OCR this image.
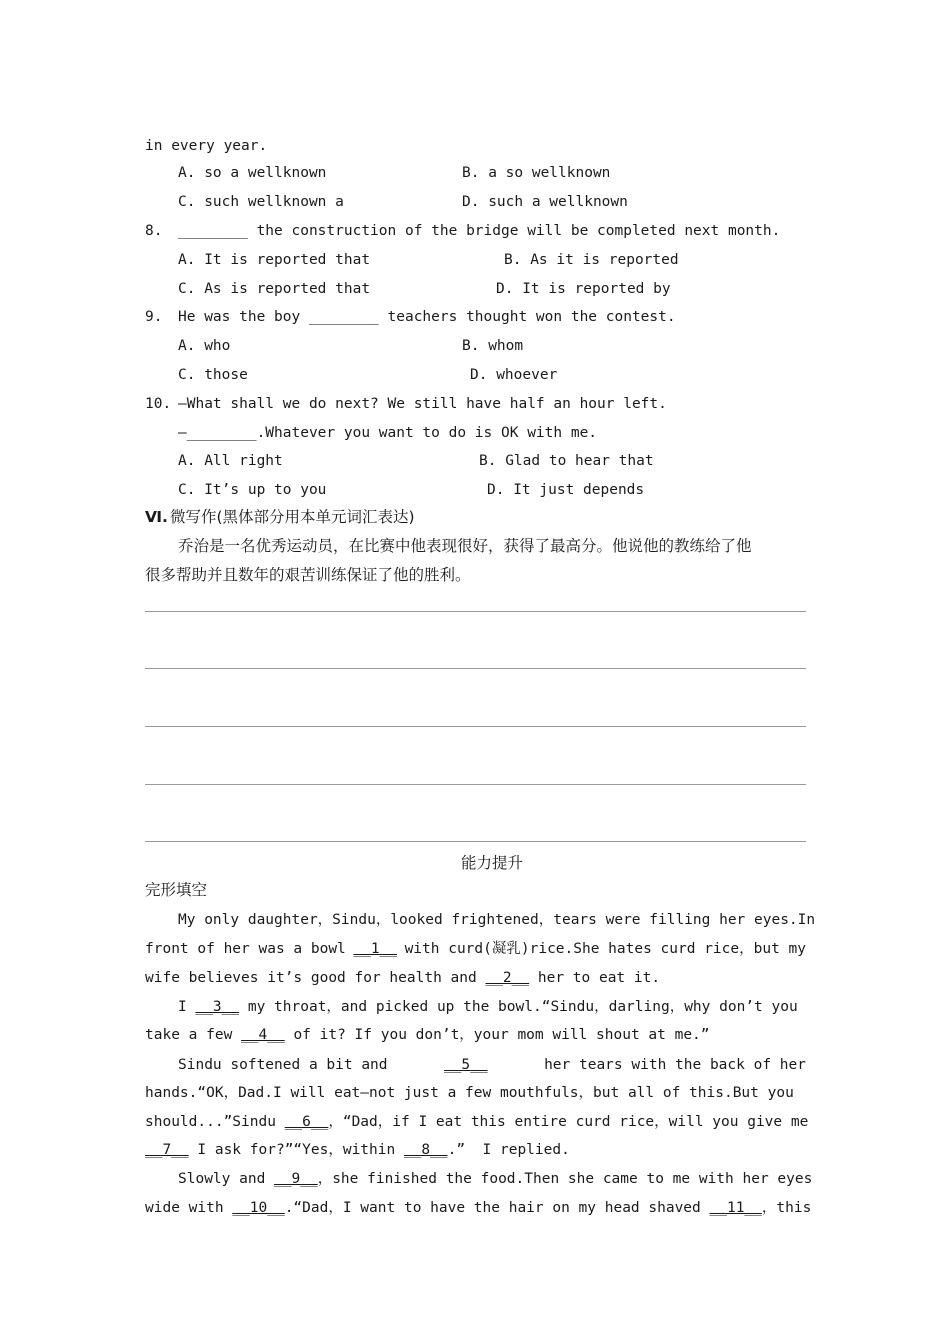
in every year.
A. so a wellknown	B. a so wellknown
C. such wellknown a	D. such a wellknown
8. ________ the construction of the bridge will be completed next month.
A. It is reported that	B. As it is reported
C. As is reported that	D. It is reported by
9. He was the boy ________ teachers thought won the contest.
A. who	B. whom
C. those	D. whoever
10. —What shall we do next? We still have half an hour left.
—________.Whatever you want to do is OK with me.
A. All right	B. Glad to hear that
C. It’s up to you	D. It just depends
Ⅵ. 微写作(黑体部分用本单元词汇表达)
乔治是一名优秀运动员，在比赛中他表现很好，获得了最高分。他说他的教练给了他
很多帮助并且数年的艰苦训练保证了他的胜利。
能力提升
完形填空
My only daughter，Sindu，looked frightened，tears were filling her eyes.In
front of her was a bowl __1__ with curd(凝乳)rice.She hates curd rice，but my
wife believes it’s good for health and __2__ her to eat it.
I __3__ my throat，and picked up the bowl.“Sindu，darling，why don’t you
take a few __4__ of it? If you don’t，your mom will shout at me.”
Sindu softened a bit and	__5__	her tears with the back of her
hands.“OK，Dad.I will eat—not just a few mouthfuls，but all of this.But you
should...”Sindu __6__，“Dad，if I eat this entire curd rice，will you give me
__7__ I ask for?”“Yes，within __8__.”  I replied.
Slowly and __9__，she finished the food.Then she came to me with her eyes
wide with __10__.“Dad，I want to have the hair on my head shaved __11__，this
